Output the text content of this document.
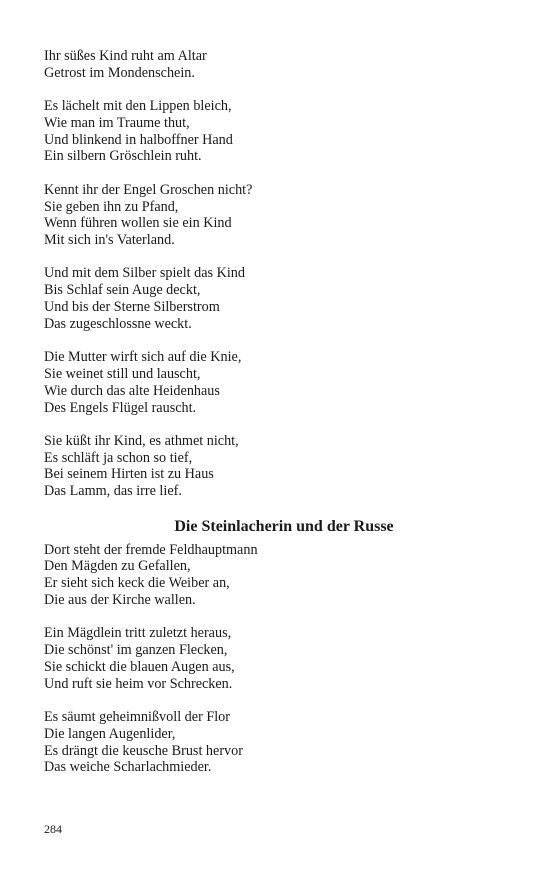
Ihr süßes Kind ruht am Altar
Getrost im Mondenschein.
Es lächelt mit den Lippen bleich,
Wie man im Traume thut,
Und blinkend in halboffner Hand
Ein silbern Gröschlein ruht.
Kennt ihr der Engel Groschen nicht?
Sie geben ihn zu Pfand,
Wenn führen wollen sie ein Kind
Mit sich in's Vaterland.
Und mit dem Silber spielt das Kind
Bis Schlaf sein Auge deckt,
Und bis der Sterne Silberstrom
Das zugeschlossne weckt.
Die Mutter wirft sich auf die Knie,
Sie weinet still und lauscht,
Wie durch das alte Heidenhaus
Des Engels Flügel rauscht.
Sie küßt ihr Kind, es athmet nicht,
Es schläft ja schon so tief,
Bei seinem Hirten ist zu Haus
Das Lamm, das irre lief.
Die Steinlacherin und der Russe
Dort steht der fremde Feldhauptmann
Den Mägden zu Gefallen,
Er sieht sich keck die Weiber an,
Die aus der Kirche wallen.
Ein Mägdlein tritt zuletzt heraus,
Die schönst' im ganzen Flecken,
Sie schickt die blauen Augen aus,
Und ruft sie heim vor Schrecken.
Es säumt geheimnißvoll der Flor
Die langen Augenlider,
Es drängt die keusche Brust hervor
Das weiche Scharlachmieder.
284
